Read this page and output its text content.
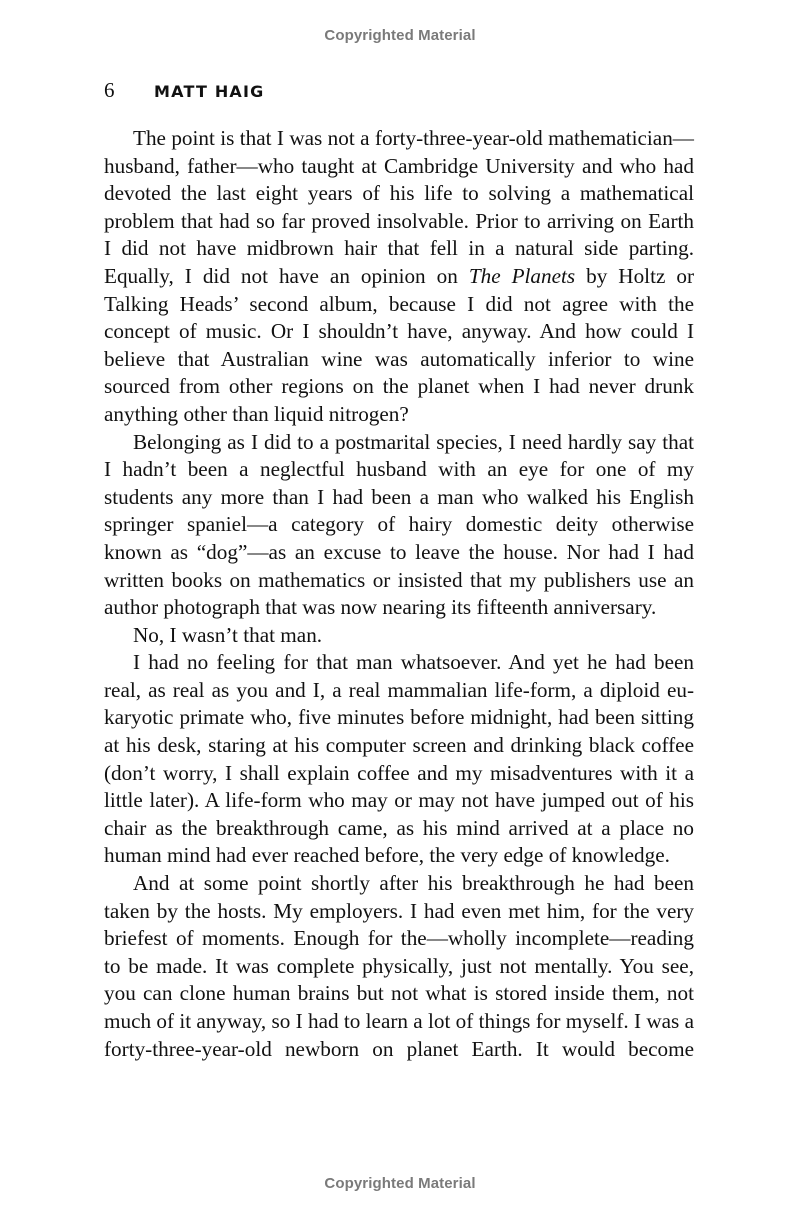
Copyrighted Material
6	MATT HAIG

The point is that I was not a forty-three-year-old mathematician—husband, father—who taught at Cambridge University and who had devoted the last eight years of his life to solving a mathematical problem that had so far proved insolvable. Prior to arriving on Earth I did not have midbrown hair that fell in a natural side parting. Equally, I did not have an opinion on The Planets by Holtz or Talking Heads’ second album, because I did not agree with the concept of music. Or I shouldn’t have, anyway. And how could I believe that Australian wine was automatically inferior to wine sourced from other regions on the planet when I had never drunk anything other than liquid nitrogen?

Belonging as I did to a postmarital species, I need hardly say that I hadn’t been a neglectful husband with an eye for one of my students any more than I had been a man who walked his English springer spaniel—a category of hairy domestic deity otherwise known as “dog”—as an excuse to leave the house. Nor had I had written books on mathematics or insisted that my publishers use an author photograph that was now nearing its fifteenth anniversary.

No, I wasn’t that man.

I had no feeling for that man whatsoever. And yet he had been real, as real as you and I, a real mammalian life-form, a diploid eukaryotic primate who, five minutes before midnight, had been sitting at his desk, staring at his computer screen and drinking black coffee (don’t worry, I shall explain coffee and my misadventures with it a little later). A life-form who may or may not have jumped out of his chair as the breakthrough came, as his mind arrived at a place no human mind had ever reached before, the very edge of knowledge.

And at some point shortly after his breakthrough he had been taken by the hosts. My employers. I had even met him, for the very briefest of moments. Enough for the—wholly incomplete—reading to be made. It was complete physically, just not mentally. You see, you can clone human brains but not what is stored inside them, not much of it anyway, so I had to learn a lot of things for myself. I was a forty-three-year-old newborn on planet Earth. It would become

Copyrighted Material
